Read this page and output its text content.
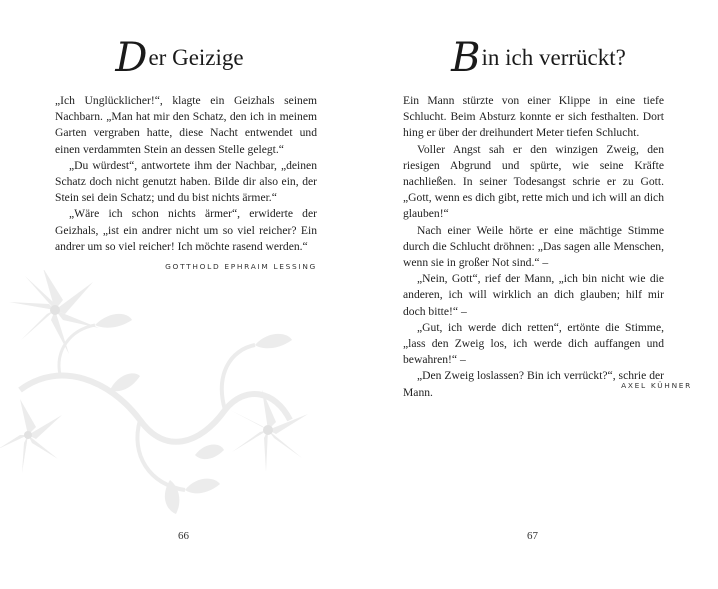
Der Geizige

„Ich Unglücklicher!“, klagte ein Geizhals seinem Nachbarn. „Man hat mir den Schatz, den ich in meinem Garten vergraben hatte, diese Nacht entwendet und einen verdammten Stein an dessen Stelle gelegt.“

„Du würdest“, antwortete ihm der Nachbar, „deinen Schatz doch nicht genutzt haben. Bilde dir also ein, der Stein sei dein Schatz; und du bist nichts ärmer.“

„Wäre ich schon nichts ärmer“, erwiderte der Geizhals, „ist ein andrer nicht um so viel reicher? Ein andrer um so viel reicher! Ich möchte rasend werden.“

GOTTHOLD EPHRAIM LESSING
66
Bin ich verrückt?

Ein Mann stürzte von einer Klippe in eine tiefe Schlucht. Beim Absturz konnte er sich festhalten. Dort hing er über der dreihundert Meter tiefen Schlucht.

Voller Angst sah er den winzigen Zweig, den riesigen Abgrund und spürte, wie seine Kräfte nachließen. In seiner Todesangst schrie er zu Gott. „Gott, wenn es dich gibt, rette mich und ich will an dich glauben!“

Nach einer Weile hörte er eine mächtige Stimme durch die Schlucht dröhnen: „Das sagen alle Menschen, wenn sie in großer Not sind.“ –

„Nein, Gott“, rief der Mann, „ich bin nicht wie die anderen, ich will wirklich an dich glauben; hilf mir doch bitte!“ –

„Gut, ich werde dich retten“, ertönte die Stimme, „lass den Zweig los, ich werde dich auffangen und bewahren!“ –

„Den Zweig loslassen? Bin ich verrückt?“, schrie der Mann.

AXEL KÜHNER
67
